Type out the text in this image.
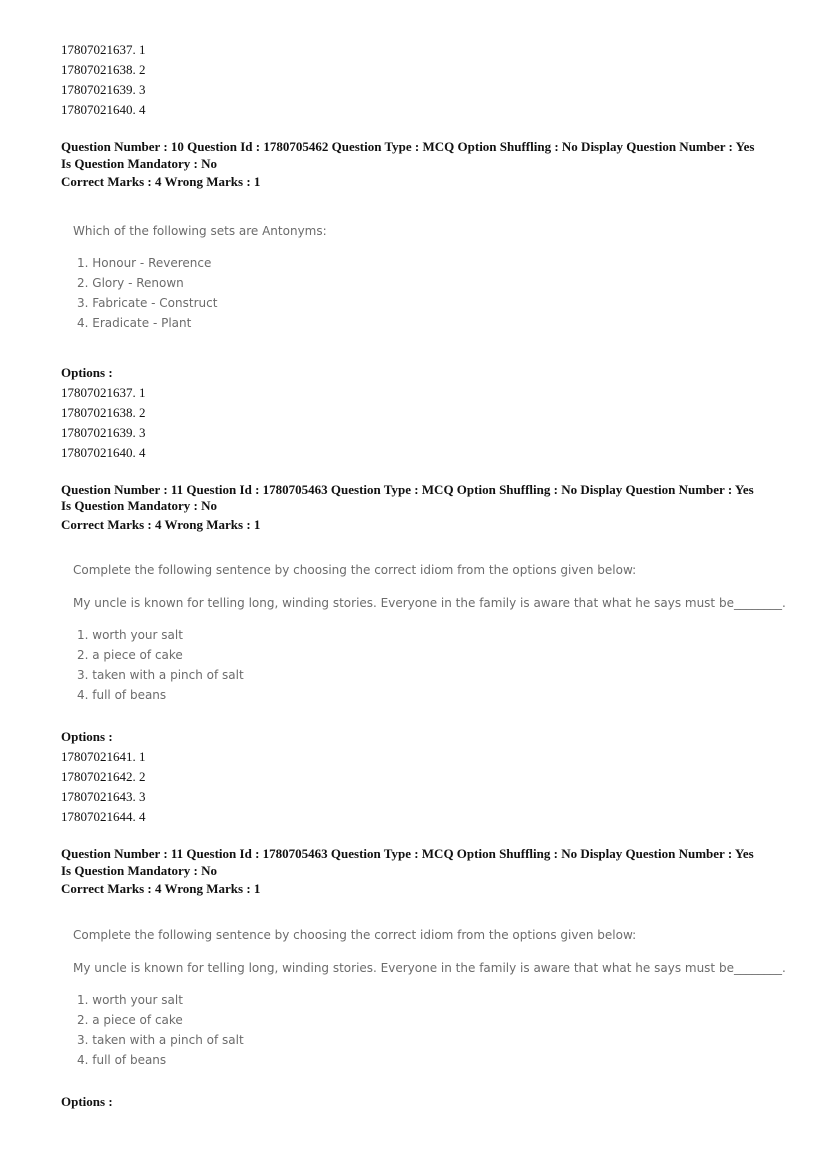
17807021637. 1
17807021638. 2
17807021639. 3
17807021640. 4
Question Number : 10 Question Id : 1780705462 Question Type : MCQ Option Shuffling : No Display Question Number : Yes
Is Question Mandatory : No
Correct Marks : 4 Wrong Marks : 1
Which of the following sets are Antonyms:
1. Honour - Reverence
2. Glory - Renown
3. Fabricate - Construct
4. Eradicate - Plant
Options :
17807021637. 1
17807021638. 2
17807021639. 3
17807021640. 4
Question Number : 11 Question Id : 1780705463 Question Type : MCQ Option Shuffling : No Display Question Number : Yes
Is Question Mandatory : No
Correct Marks : 4 Wrong Marks : 1
Complete the following sentence by choosing the correct idiom from the options given below:
My uncle is known for telling long, winding stories. Everyone in the family is aware that what he says must be________.
1. worth your salt
2. a piece of cake
3. taken with a pinch of salt
4. full of beans
Options :
17807021641. 1
17807021642. 2
17807021643. 3
17807021644. 4
Question Number : 11 Question Id : 1780705463 Question Type : MCQ Option Shuffling : No Display Question Number : Yes
Is Question Mandatory : No
Correct Marks : 4 Wrong Marks : 1
Complete the following sentence by choosing the correct idiom from the options given below:
My uncle is known for telling long, winding stories. Everyone in the family is aware that what he says must be________.
1. worth your salt
2. a piece of cake
3. taken with a pinch of salt
4. full of beans
Options :
